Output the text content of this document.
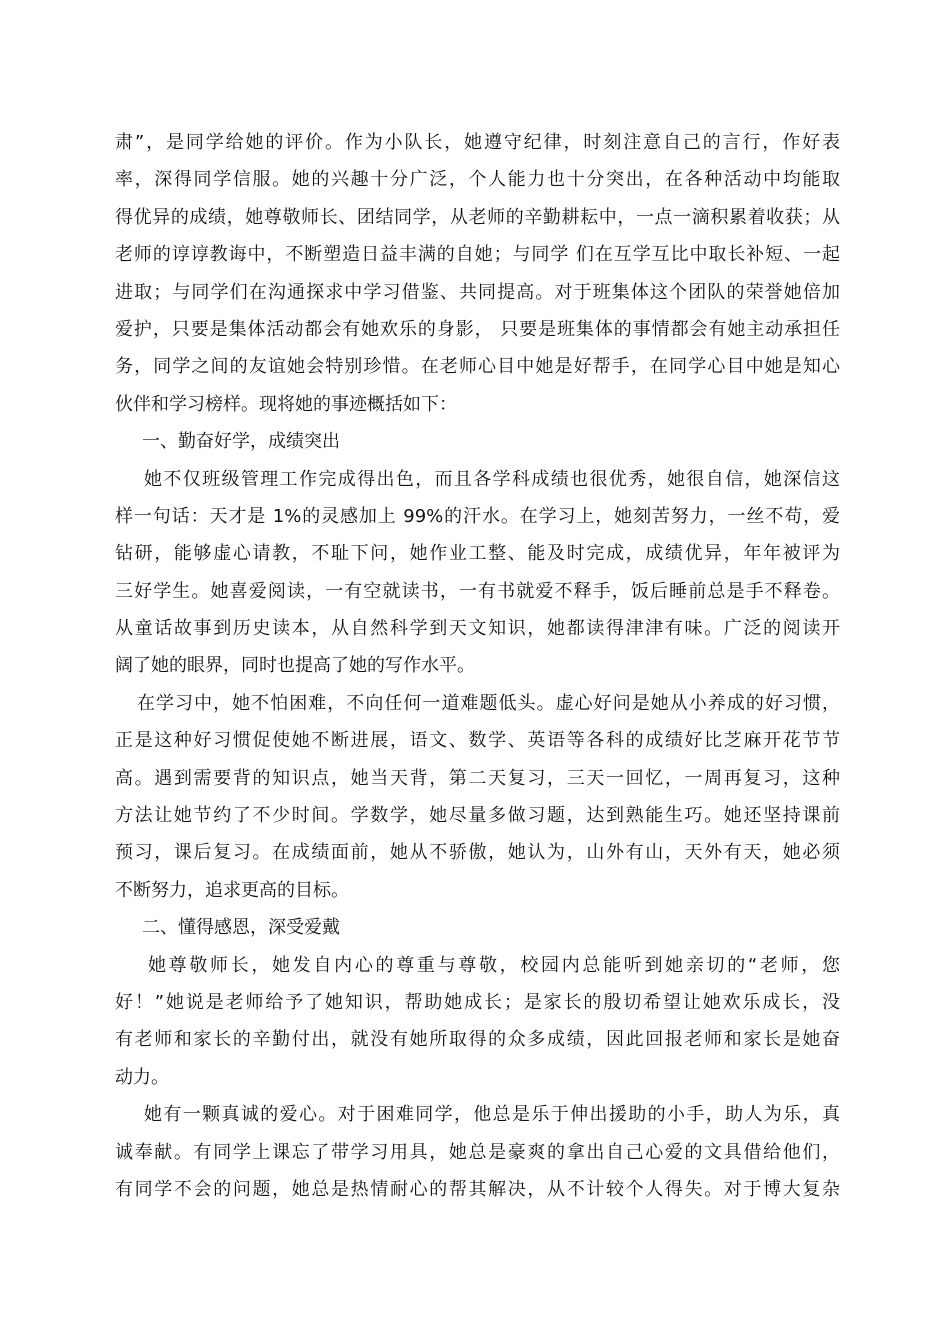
肃”，是同学给她的评价。作为小队长，她遵守纪律，时刻注意自己的言行，作好表
率，深得同学信服。她的兴趣十分广泛，个人能力也十分突出，在各种活动中均能取
得优异的成绩，她尊敬师长、团结同学，从老师的辛勤耕耘中，一点一滴积累着收获；从
老师的谆谆教诲中，不断塑造日益丰满的自她；与同学 们在互学互比中取长补短、一起
进取；与同学们在沟通探求中学习借鉴、共同提高。对于班集体这个团队的荣誉她倍加
爱护，只要是集体活动都会有她欢乐的身影， 只要是班集体的事情都会有她主动承担任
务，同学之间的友谊她会特别珍惜。在老师心目中她是好帮手，在同学心目中她是知心
伙伴和学习榜样。现将她的事迹概括如下：
一、勤奋好学，成绩突出
她不仅班级管理工作完成得出色，而且各学科成绩也很优秀，她很自信，她深信这
样一句话：天才是 1%的灵感加上 99%的汗水。在学习上，她刻苦努力，一丝不苟，爱
钻研，能够虚心请教，不耻下问，她作业工整、能及时完成，成绩优异，年年被评为
三好学生。她喜爱阅读，一有空就读书，一有书就爱不释手，饭后睡前总是手不释卷。
从童话故事到历史读本，从自然科学到天文知识，她都读得津津有味。广泛的阅读开
阔了她的眼界，同时也提高了她的写作水平。
在学习中，她不怕困难，不向任何一道难题低头。虚心好问是她从小养成的好习惯，
正是这种好习惯促使她不断进展，语文、数学、英语等各科的成绩好比芝麻开花节节
高。遇到需要背的知识点，她当天背，第二天复习，三天一回忆，一周再复习，这种
方法让她节约了不少时间。学数学，她尽量多做习题，达到熟能生巧。她还坚持课前
预习，课后复习。在成绩面前，她从不骄傲，她认为，山外有山，天外有天，她必须
不断努力，追求更高的目标。
二、懂得感恩，深受爱戴
她尊敬师长，她发自内心的尊重与尊敬，校园内总能听到她亲切的“老师，您
好！”她说是老师给予了她知识，帮助她成长；是家长的殷切希望让她欢乐成长，没
有老师和家长的辛勤付出，就没有她所取得的众多成绩，因此回报老师和家长是她奋
动力。
她有一颗真诚的爱心。对于困难同学，他总是乐于伸出援助的小手，助人为乐，真
诚奉献。有同学上课忘了带学习用具，她总是豪爽的拿出自己心爱的文具借给他们，
有同学不会的问题，她总是热情耐心的帮其解决，从不计较个人得失。对于博大复杂
